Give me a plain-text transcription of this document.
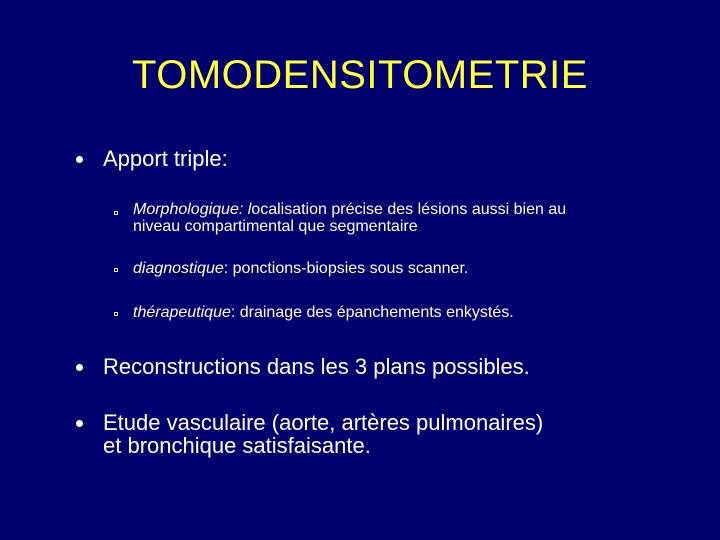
TOMODENSITOMETRIE
Apport triple:
Morphologique: localisation précise des lésions aussi bien au niveau compartimental que segmentaire
diagnostique: ponctions-biopsies sous scanner.
thérapeutique: drainage des épanchements enkystés.
Reconstructions dans les 3 plans possibles.
Etude vasculaire (aorte, artères pulmonaires)
et bronchique satisfaisante.
